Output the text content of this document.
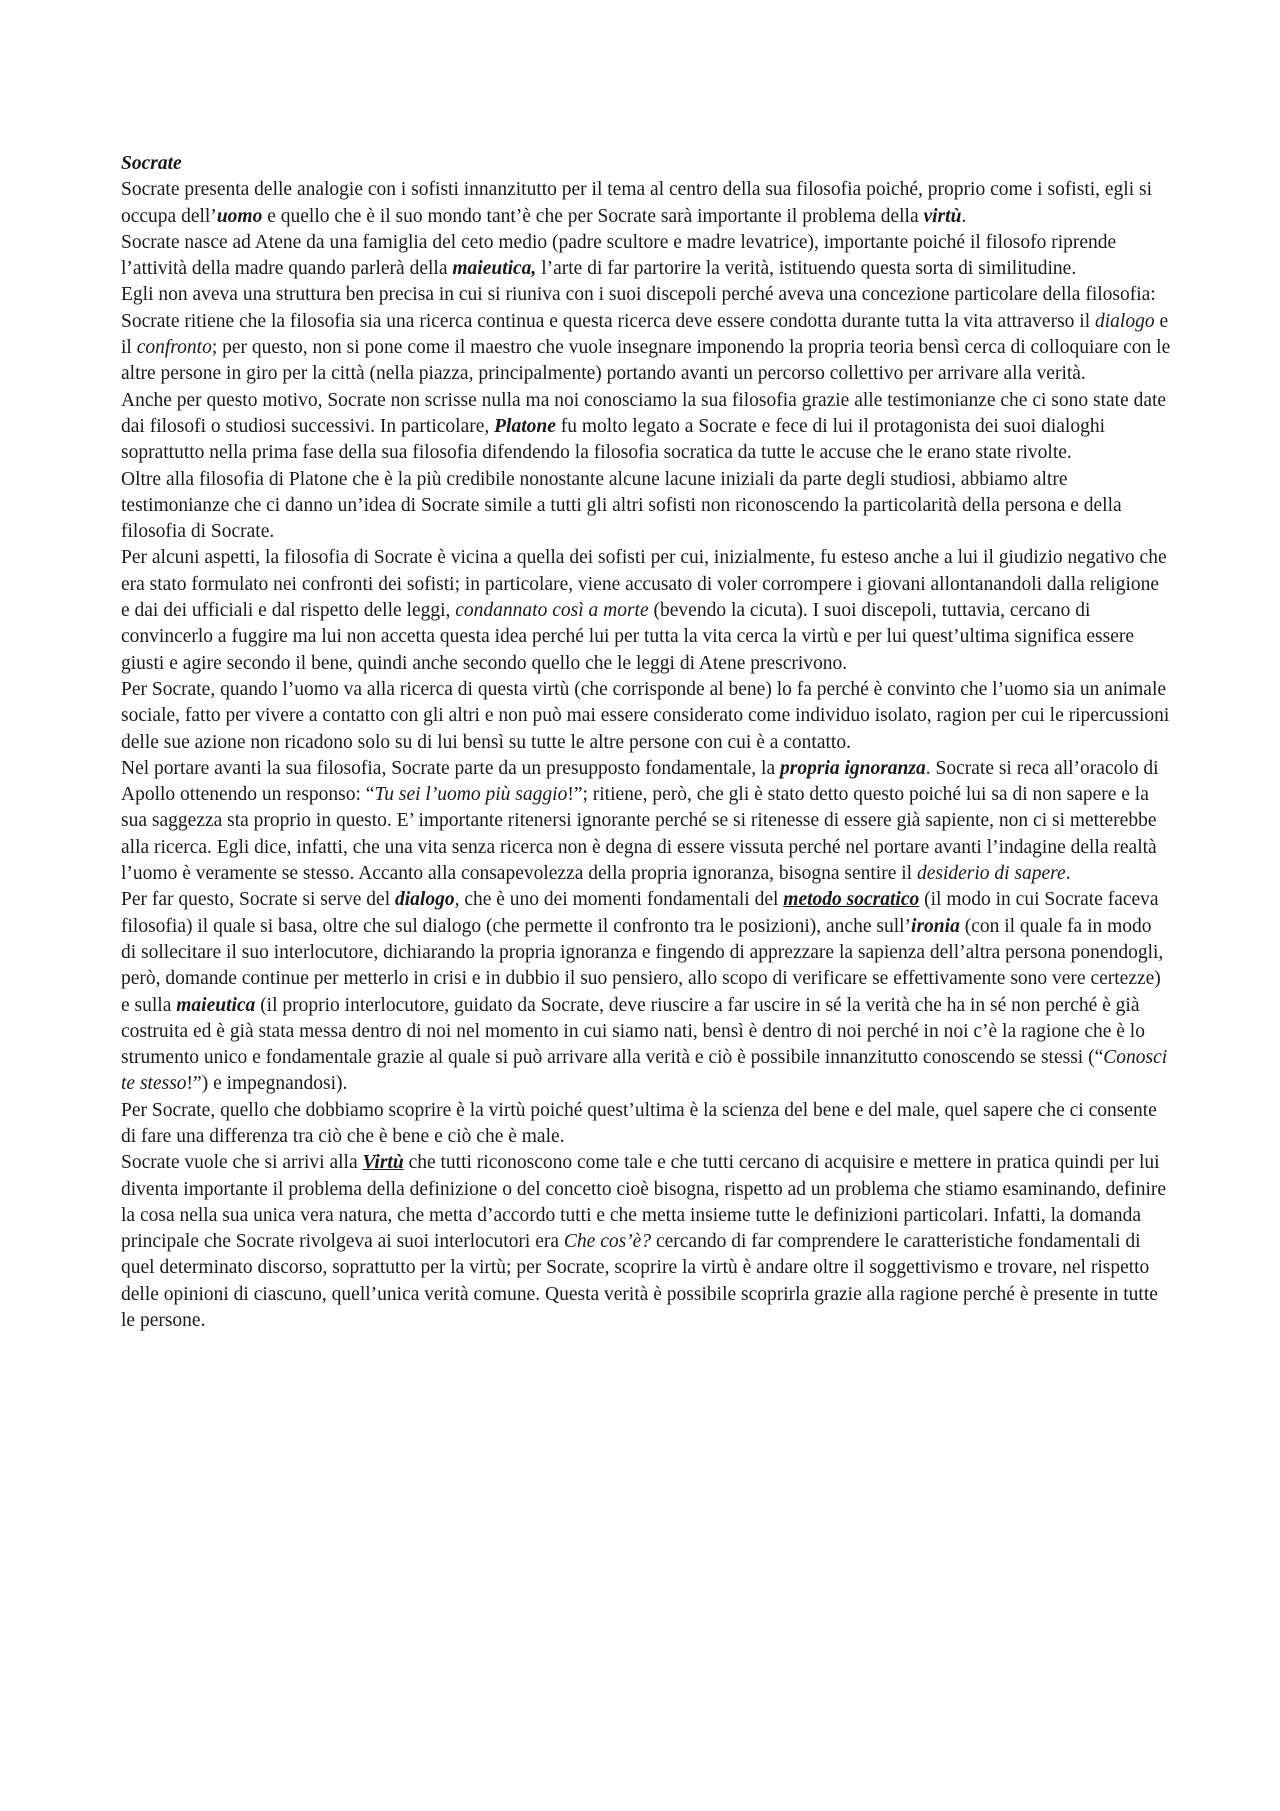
Socrate

Socrate presenta delle analogie con i sofisti innanzitutto per il tema al centro della sua filosofia poiché, proprio come i sofisti, egli si occupa dell’uomo e quello che è il suo mondo tant’è che per Socrate sarà importante il problema della virtù.

Socrate nasce ad Atene da una famiglia del ceto medio (padre scultore e madre levatrice), importante poiché il filosofo riprende l’attività della madre quando parlerà della maieutica, l’arte di far partorire la verità, istituendo questa sorta di similitudine.

Egli non aveva una struttura ben precisa in cui si riuniva con i suoi discepoli perché aveva una concezione particolare della filosofia: Socrate ritiene che la filosofia sia una ricerca continua e questa ricerca deve essere condotta durante tutta la vita attraverso il dialogo e il confronto; per questo, non si pone come il maestro che vuole insegnare imponendo la propria teoria bensì cerca di colloquiare con le altre persone in giro per la città (nella piazza, principalmente) portando avanti un percorso collettivo per arrivare alla verità.

Anche per questo motivo, Socrate non scrisse nulla ma noi conosciamo la sua filosofia grazie alle testimonianze che ci sono state date dai filosofi o studiosi successivi. In particolare, Platone fu molto legato a Socrate e fece di lui il protagonista dei suoi dialoghi soprattutto nella prima fase della sua filosofia difendendo la filosofia socratica da tutte le accuse che le erano state rivolte.

Oltre alla filosofia di Platone che è la più credibile nonostante alcune lacune iniziali da parte degli studiosi, abbiamo altre testimonianze che ci danno un’idea di Socrate simile a tutti gli altri sofisti non riconoscendo la particolarità della persona e della filosofia di Socrate.

Per alcuni aspetti, la filosofia di Socrate è vicina a quella dei sofisti per cui, inizialmente, fu esteso anche a lui il giudizio negativo che era stato formulato nei confronti dei sofisti; in particolare, viene accusato di voler corrompere i giovani allontanandoli dalla religione e dai dei ufficiali e dal rispetto delle leggi, condannato così a morte (bevendo la cicuta). I suoi discepoli, tuttavia, cercano di convincerlo a fuggire ma lui non accetta questa idea perché lui per tutta la vita cerca la virtù e per lui quest’ultima significa essere giusti e agire secondo il bene, quindi anche secondo quello che le leggi di Atene prescrivono.

Per Socrate, quando l’uomo va alla ricerca di questa virtù (che corrisponde al bene) lo fa perché è convinto che l’uomo sia un animale sociale, fatto per vivere a contatto con gli altri e non può mai essere considerato come individuo isolato, ragion per cui le ripercussioni delle sue azione non ricadono solo su di lui bensì su tutte le altre persone con cui è a contatto.

Nel portare avanti la sua filosofia, Socrate parte da un presupposto fondamentale, la propria ignoranza. Socrate si reca all’oracolo di Apollo ottenendo un responso: “Tu sei l’uomo più saggio!”; ritiene, però, che gli è stato detto questo poiché lui sa di non sapere e la sua saggezza sta proprio in questo. E’ importante ritenersi ignorante perché se si ritenesse di essere già sapiente, non ci si metterebbe alla ricerca. Egli dice, infatti, che una vita senza ricerca non è degna di essere vissuta perché nel portare avanti l’indagine della realtà l’uomo è veramente se stesso. Accanto alla consapevolezza della propria ignoranza, bisogna sentire il desiderio di sapere.

Per far questo, Socrate si serve del dialogo, che è uno dei momenti fondamentali del metodo socratico (il modo in cui Socrate faceva filosofia) il quale si basa, oltre che sul dialogo (che permette il confronto tra le posizioni), anche sull’ironia (con il quale fa in modo di sollecitare il suo interlocutore, dichiarando la propria ignoranza e fingendo di apprezzare la sapienza dell’altra persona ponendogli, però, domande continue per metterlo in crisi e in dubbio il suo pensiero, allo scopo di verificare se effettivamente sono vere certezze) e sulla maieutica (il proprio interlocutore, guidato da Socrate, deve riuscire a far uscire in sé la verità che ha in sé non perché è già costruita ed è già stata messa dentro di noi nel momento in cui siamo nati, bensì è dentro di noi perché in noi c’è la ragione che è lo strumento unico e fondamentale grazie al quale si può arrivare alla verità e ciò è possibile innanzitutto conoscendo se stessi (“Conosci te stesso!”) e impegnandosi).

Per Socrate, quello che dobbiamo scoprire è la virtù poiché quest’ultima è la scienza del bene e del male, quel sapere che ci consente di fare una differenza tra ciò che è bene e ciò che è male.

Socrate vuole che si arrivi alla Virtù che tutti riconoscono come tale e che tutti cercano di acquisire e mettere in pratica quindi per lui diventa importante il problema della definizione o del concetto cioè bisogna, rispetto ad un problema che stiamo esaminando, definire la cosa nella sua unica vera natura, che metta d’accordo tutti e che metta insieme tutte le definizioni particolari. Infatti, la domanda principale che Socrate rivolgeva ai suoi interlocutori era Che cos’è? cercando di far comprendere le caratteristiche fondamentali di quel determinato discorso, soprattutto per la virtù; per Socrate, scoprire la virtù è andare oltre il soggettivismo e trovare, nel rispetto delle opinioni di ciascuno, quell’unica verità comune. Questa verità è possibile scoprirla grazie alla ragione perché è presente in tutte le persone.
